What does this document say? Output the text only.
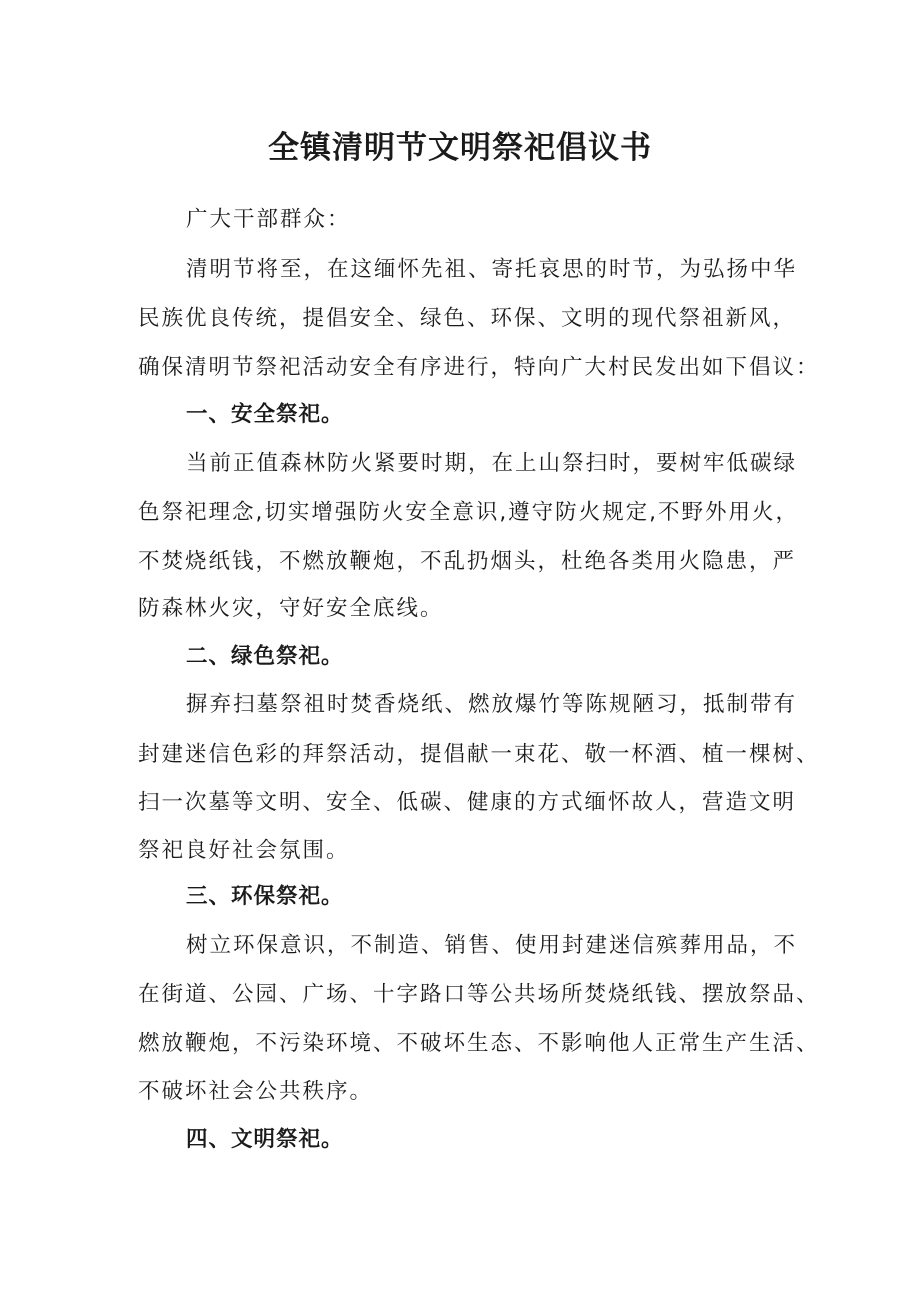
全镇清明节文明祭祀倡议书

广大干部群众：

清明节将至，在这缅怀先祖、寄托哀思的时节，为弘扬中华

民族优良传统，提倡安全、绿色、环保、文明的现代祭祖新风，

确保清明节祭祀活动安全有序进行，特向广大村民发出如下倡议：

一、安全祭祀。

当前正值森林防火紧要时期，在上山祭扫时，要树牢低碳绿

色祭祀理念,切实增强防火安全意识,遵守防火规定,不野外用火，

不焚烧纸钱，不燃放鞭炮，不乱扔烟头，杜绝各类用火隐患，严

防森林火灾，守好安全底线。

二、绿色祭祀。

摒弃扫墓祭祖时焚香烧纸、燃放爆竹等陈规陋习，抵制带有

封建迷信色彩的拜祭活动，提倡献一束花、敬一杯酒、植一棵树、

扫一次墓等文明、安全、低碳、健康的方式缅怀故人，营造文明

祭祀良好社会氛围。

三、环保祭祀。

树立环保意识，不制造、销售、使用封建迷信殡葬用品，不

在街道、公园、广场、十字路口等公共场所焚烧纸钱、摆放祭品、

燃放鞭炮，不污染环境、不破坏生态、不影响他人正常生产生活、

不破坏社会公共秩序。

四、文明祭祀。
